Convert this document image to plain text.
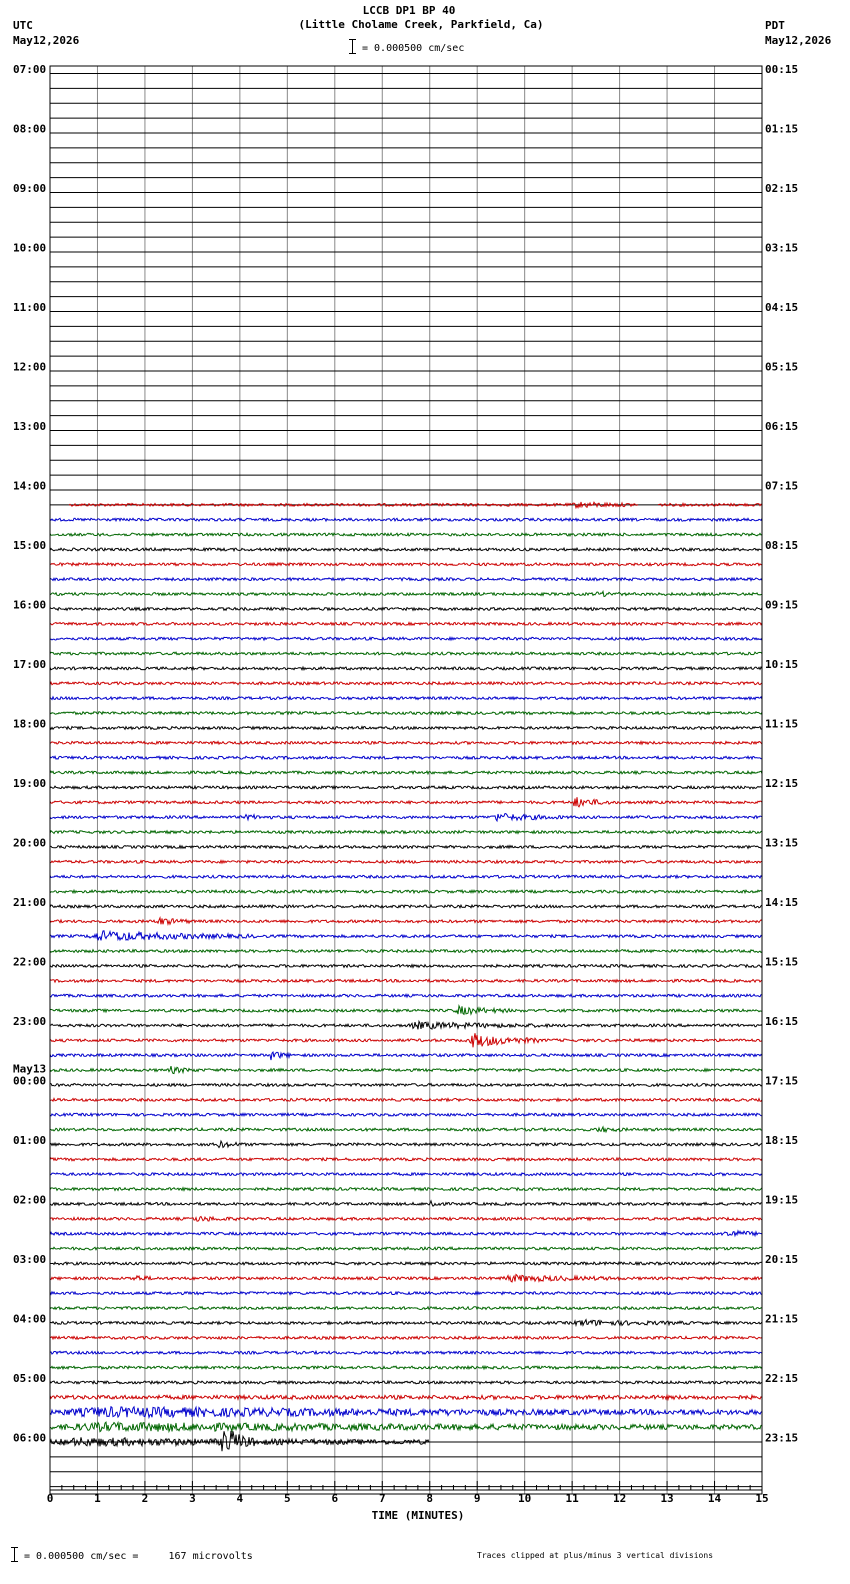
LCCB DP1 BP 40
(Little Cholame Creek, Parkfield, Ca)
UTC
May12,2026
PDT
May12,2026
= 0.000500 cm/sec
07:00
08:00
09:00
10:00
11:00
12:00
13:00
14:00
15:00
16:00
17:00
18:00
19:00
20:00
21:00
22:00
23:00
00:00
May13
01:00
02:00
03:00
04:00
05:00
06:00
00:15
01:15
02:15
03:15
04:15
05:15
06:15
07:15
08:15
09:15
10:15
11:15
12:15
13:15
14:15
15:15
16:15
17:15
18:15
19:15
20:15
21:15
22:15
23:15
0	1	2	3	4	5	6	7	8	9	10	11	12	13	14	15
TIME (MINUTES)
= 0.000500 cm/sec =     167 microvolts	Traces clipped at plus/minus 3 vertical divisions
